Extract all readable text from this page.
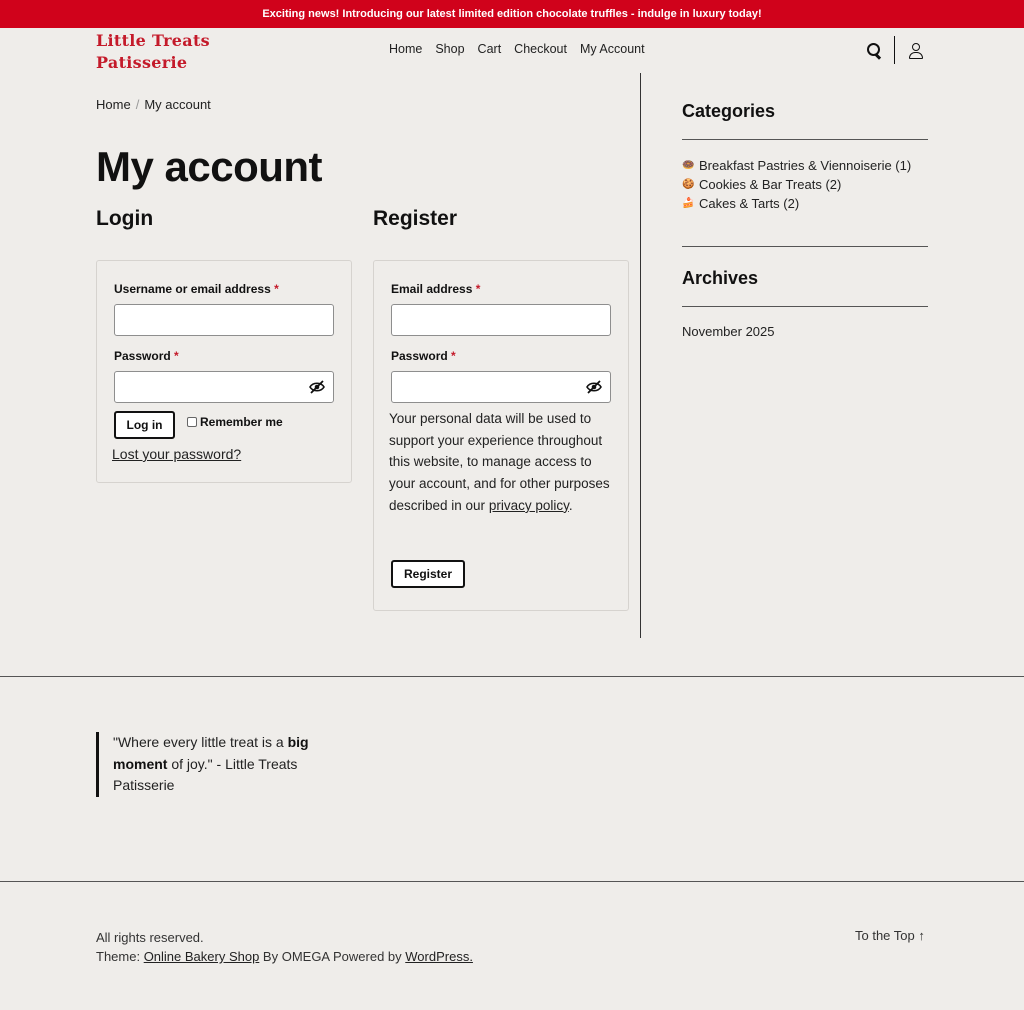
Exciting news! Introducing our latest limited edition chocolate truffles - indulge in luxury today!
Little Treats
Patisserie
Home Shop Cart Checkout My Account
Home / My account
My account
Login
Username or email address *
Password *
Log in	Remember me
Lost your password?
Register
Email address *
Password *

Your personal data will be used to support your experience throughout this website, to manage access to your account, and for other purposes described in our privacy policy.

Register
Categories
🍩 Breakfast Pastries & Viennoiserie (1)
🍪 Cookies & Bar Treats (2)
🍰 Cakes & Tarts (2)
Archives
November 2025
"Where every little treat is a big moment of joy." - Little Treats Patisserie
All rights reserved.
Theme: Online Bakery Shop By OMEGA Powered by WordPress.
To the Top ↑
